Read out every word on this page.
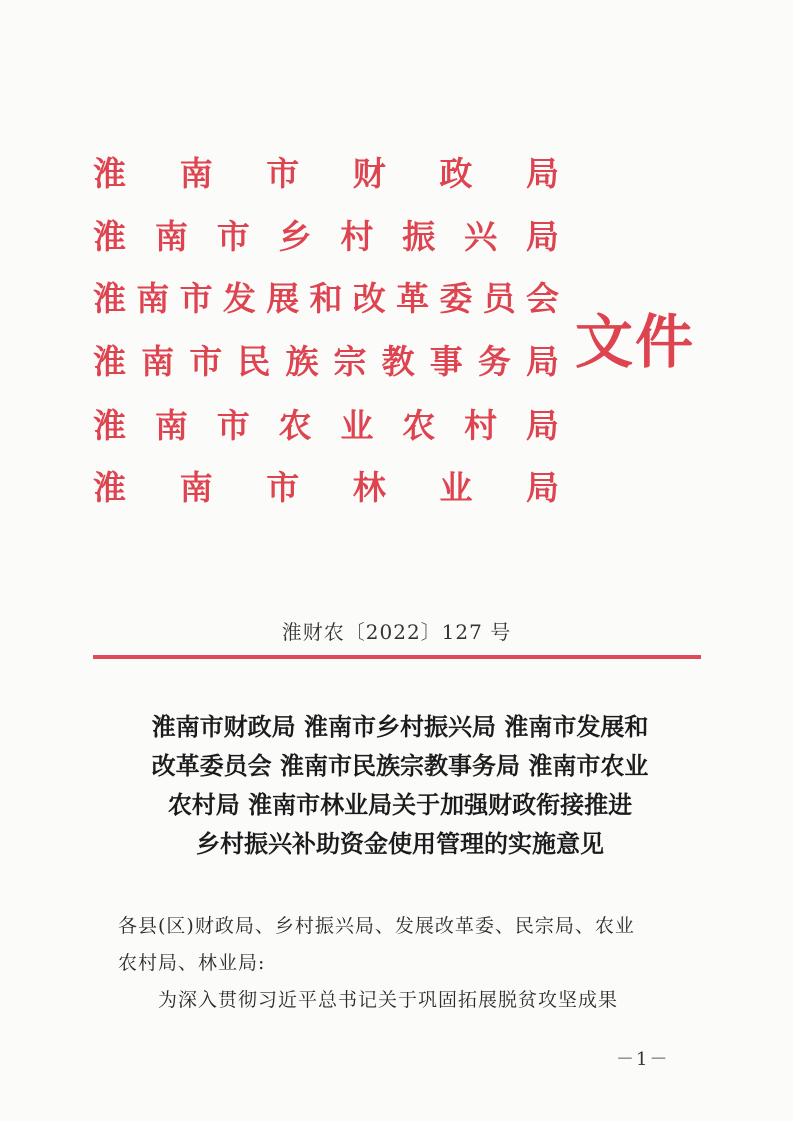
淮 南 市 财 政 局
淮 南 市 乡 村 振 兴 局
淮 南 市 发 展 和 改 革 委 员 会
淮 南 市 民 族 宗 教 事 务 局
淮 南 市 农 业 农 村 局
淮 南 市 林 业 局
文件
淮财农〔2022〕127 号
淮南市财政局 淮南市乡村振兴局 淮南市发展和
改革委员会 淮南市民族宗教事务局 淮南市农业
农村局 淮南市林业局关于加强财政衔接推进
乡村振兴补助资金使用管理的实施意见
各县(区)财政局、乡村振兴局、发展改革委、民宗局、农业
农村局、林业局:
为深入贯彻习近平总书记关于巩固拓展脱贫攻坚成果
－1－
